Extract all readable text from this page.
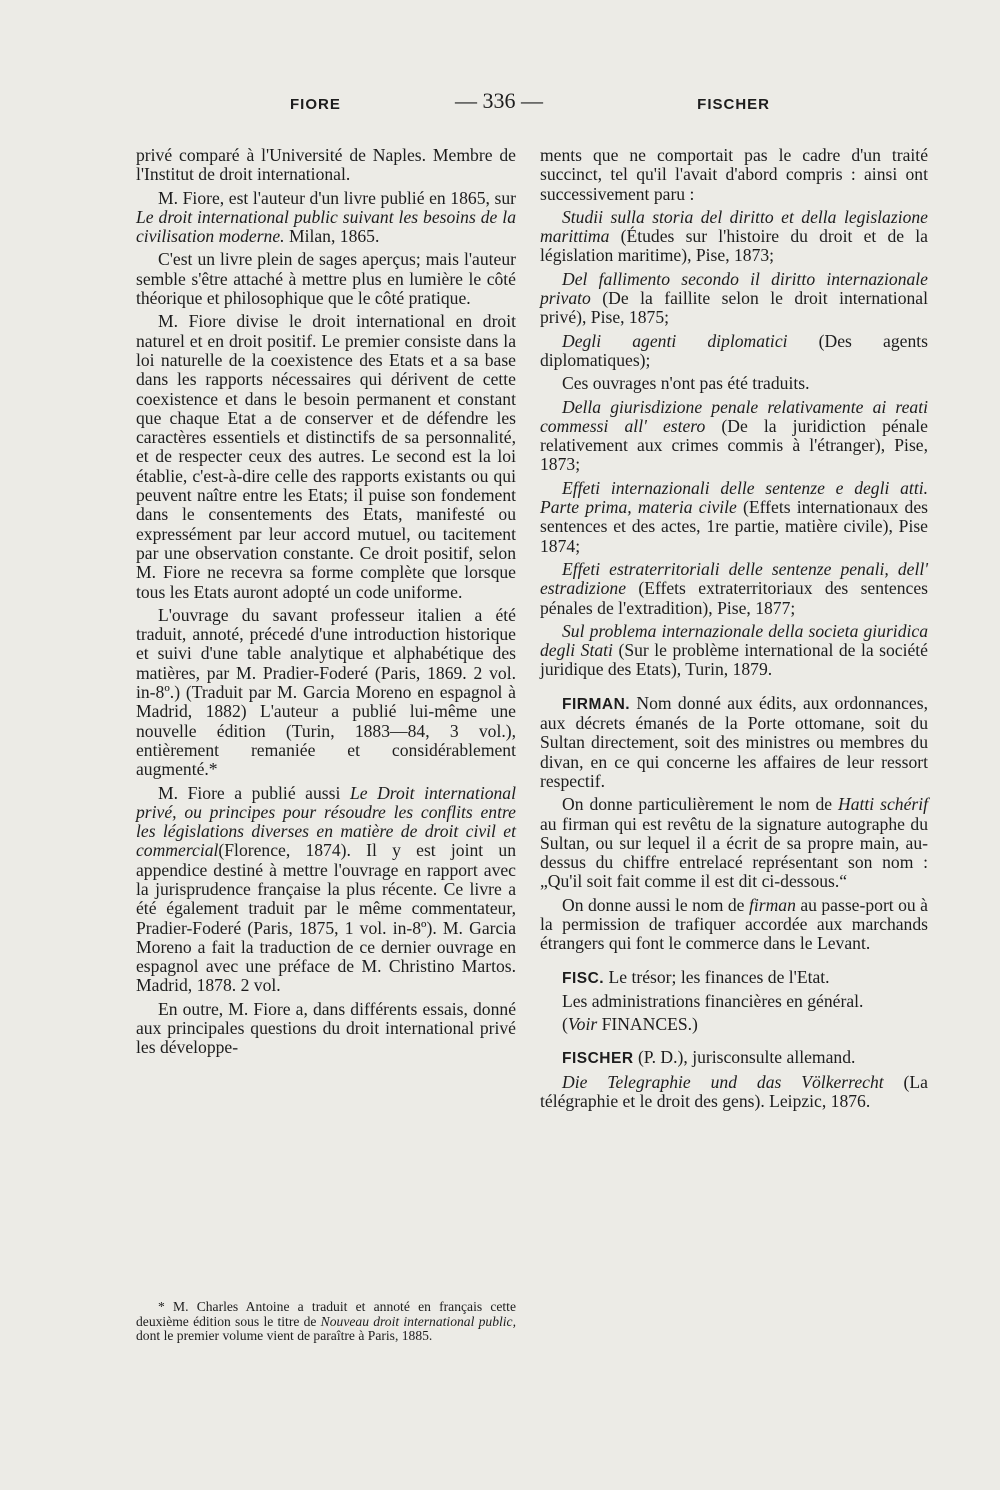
FIORE	— 336 —	FISCHER

privé comparé à l'Université de Naples. Membre de l'Institut de droit international.

M. Fiore, est l'auteur d'un livre publié en 1865, sur Le droit international public suivant les besoins de la civilisation moderne. Milan, 1865.

C'est un livre plein de sages aperçus; mais l'auteur semble s'être attaché à mettre plus en lumière le côté théorique et philosophique que le côté pratique.

M. Fiore divise le droit international en droit naturel et en droit positif. Le premier consiste dans la loi naturelle de la coexistence des Etats et a sa base dans les rapports nécessaires qui dérivent de cette coexistence et dans le besoin permanent et constant que chaque Etat a de conserver et de défendre les caractères essentiels et distinctifs de sa personnalité, et de respecter ceux des autres. Le second est la loi établie, c'est-à-dire celle des rapports existants ou qui peuvent naître entre les Etats; il puise son fondement dans le consentements des Etats, manifesté ou expressément par leur accord mutuel, ou tacitement par une observation constante. Ce droit positif, selon M. Fiore ne recevra sa forme complète que lorsque tous les Etats auront adopté un code uniforme.

L'ouvrage du savant professeur italien a été traduit, annoté, précedé d'une introduction historique et suivi d'une table analytique et alphabétique des matières, par M. Pradier-Foderé (Paris, 1869. 2 vol. in-8º.) (Traduit par M. Garcia Moreno en espagnol à Madrid, 1882) L'auteur a publié lui-même une nouvelle édition (Turin, 1883—84, 3 vol.), entièrement remaniée et considérablement augmenté.*

M. Fiore a publié aussi Le Droit international privé, ou principes pour résoudre les conflits entre les législations diverses en matière de droit civil et commercial(Florence, 1874). Il y est joint un appendice destiné à mettre l'ouvrage en rapport avec la jurisprudence française la plus récente. Ce livre a été également traduit par le même commentateur, Pradier-Foderé (Paris, 1875, 1 vol. in-8º). M. Garcia Moreno a fait la traduction de ce dernier ouvrage en espagnol avec une préface de M. Christino Martos. Madrid, 1878. 2 vol.

En outre, M. Fiore a, dans différents essais, donné aux principales questions du droit international privé les développe-

* M. Charles Antoine a traduit et annoté en français cette deuxième édition sous le titre de Nouveau droit international public, dont le premier volume vient de paraître à Paris, 1885.

ments que ne comportait pas le cadre d'un traité succinct, tel qu'il l'avait d'abord compris : ainsi ont successivement paru :

Studii sulla storia del diritto et della legislazione marittima (Études sur l'histoire du droit et de la législation maritime), Pise, 1873;

Del fallimento secondo il diritto internazionale privato (De la faillite selon le droit international privé), Pise, 1875;

Degli agenti diplomatici (Des agents diplomatiques);

Ces ouvrages n'ont pas été traduits.

Della giurisdizione penale relativamente ai reati commessi all' estero (De la juridiction pénale relativement aux crimes commis à l'étranger), Pise, 1873;

Effeti internazionali delle sentenze e degli atti. Parte prima, materia civile (Effets internationaux des sentences et des actes, 1re partie, matière civile), Pise 1874;

Effeti estraterritoriali delle sentenze penali, dell' estradizione (Effets extraterritoriaux des sentences pénales de l'extradition), Pise, 1877;

Sul problema internazionale della societa giuridica degli Stati (Sur le problème international de la société juridique des Etats), Turin, 1879.

FIRMAN. Nom donné aux édits, aux ordonnances, aux décrets émanés de la Porte ottomane, soit du Sultan directement, soit des ministres ou membres du divan, en ce qui concerne les affaires de leur ressort respectif.

On donne particulièrement le nom de Hatti schérif au firman qui est revêtu de la signature autographe du Sultan, ou sur lequel il a écrit de sa propre main, au-dessus du chiffre entrelacé représentant son nom : „Qu'il soit fait comme il est dit ci-dessous.“

On donne aussi le nom de firman au passe-port ou à la permission de trafiquer accordée aux marchands étrangers qui font le commerce dans le Levant.

FISC. Le trésor; les finances de l'Etat.

Les administrations financières en général.

(Voir FINANCES.)

FISCHER (P. D.), jurisconsulte allemand.

Die Telegraphie und das Völkerrecht (La télégraphie et le droit des gens). Leipzic, 1876.
